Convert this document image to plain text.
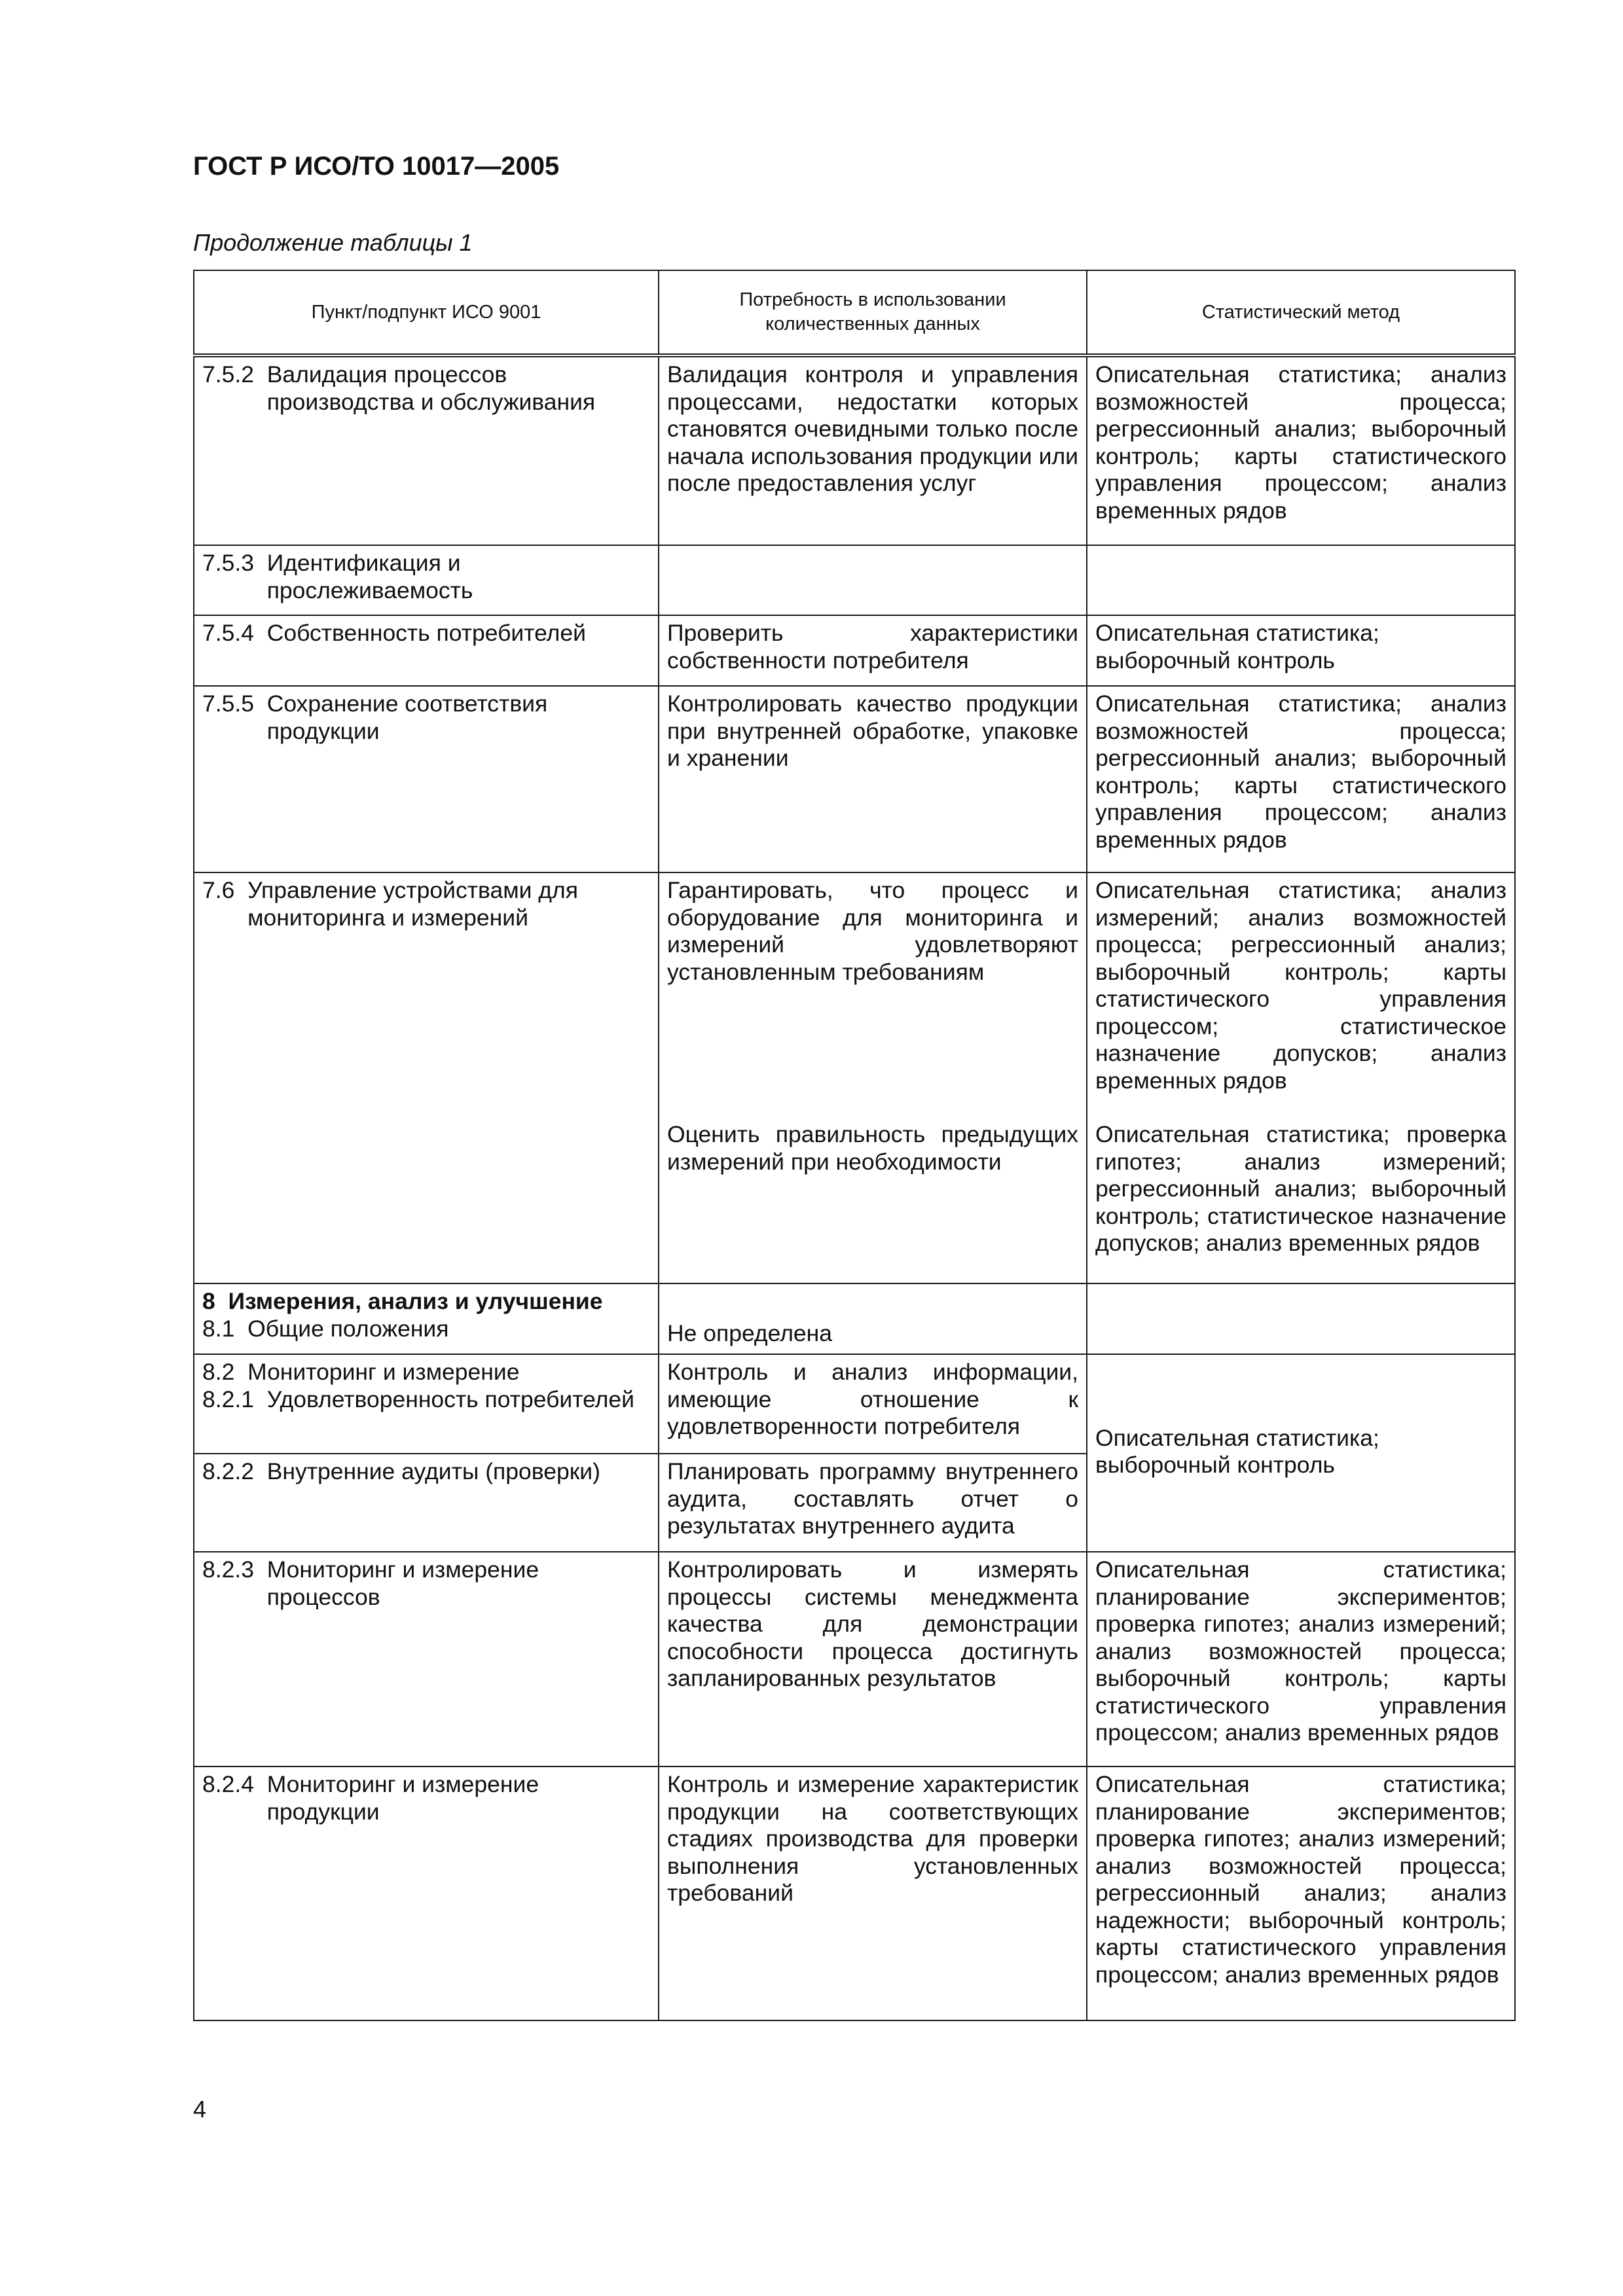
ГОСТ Р ИСО/ТО 10017—2005
Продолжение таблицы 1
Пункт/подпункт ИСО 9001	Потребность в использовании количественных данных	Статистический метод

7.5.2 Валидация процессов производства и обслуживания	Валидация контроля и управления процессами, недостатки которых становятся очевидными только после начала использования продукции или после предоставления услуг	Описательная статистика; анализ возможностей процесса; регрессионный анализ; выборочный контроль; карты статистического управления процессом; анализ временных рядов

7.5.3 Идентификация и прослеживаемость		

7.5.4 Собственность потребителей	Проверить характеристики собственности потребителя	Описательная статистика; выборочный контроль

7.5.5 Сохранение соответствия продукции	Контролировать качество продукции при внутренней обработке, упаковке и хранении	Описательная статистика; анализ возможностей процесса; регрессионный анализ; выборочный контроль; карты статистического управления процессом; анализ временных рядов

7.6 Управление устройствами для мониторинга и измерений	Гарантировать, что процесс и оборудование для мониторинга и измерений удовлетворяют установленным требованиям	Описательная статистика; анализ измерений; анализ возможностей процесса; регрессионный анализ; выборочный контроль; карты статистического управления процессом; статистическое назначение допусков; анализ временных рядов
	Оценить правильность предыдущих измерений при необходимости	Описательная статистика; проверка гипотез; анализ измерений; регрессионный анализ; выборочный контроль; статистическое назначение допусков; анализ временных рядов

8 Измерения, анализ и улучшение
8.1 Общие положения	Не определена	

8.2 Мониторинг и измерение
8.2.1 Удовлетворенность потребителей	Контроль и анализ информации, имеющие отношение к удовлетворенности потребителя	Описательная статистика; выборочный контроль

8.2.2 Внутренние аудиты (проверки)	Планировать программу внутреннего аудита, составлять отчет о результатах внутреннего аудита	

8.2.3 Мониторинг и измерение процессов	Контролировать и измерять процессы системы менеджмента качества для демонстрации способности процесса достигнуть запланированных результатов	Описательная статистика; планирование экспериментов; проверка гипотез; анализ измерений; анализ возможностей процесса; выборочный контроль; карты статистического управления процессом; анализ временных рядов

8.2.4 Мониторинг и измерение продукции	Контроль и измерение характеристик продукции на соответствующих стадиях производства для проверки выполнения установленных требований	Описательная статистика; планирование экспериментов; проверка гипотез; анализ измерений; анализ возможностей процесса; регрессионный анализ; анализ надежности; выборочный контроль; карты статистического управления процессом; анализ временных рядов
4
